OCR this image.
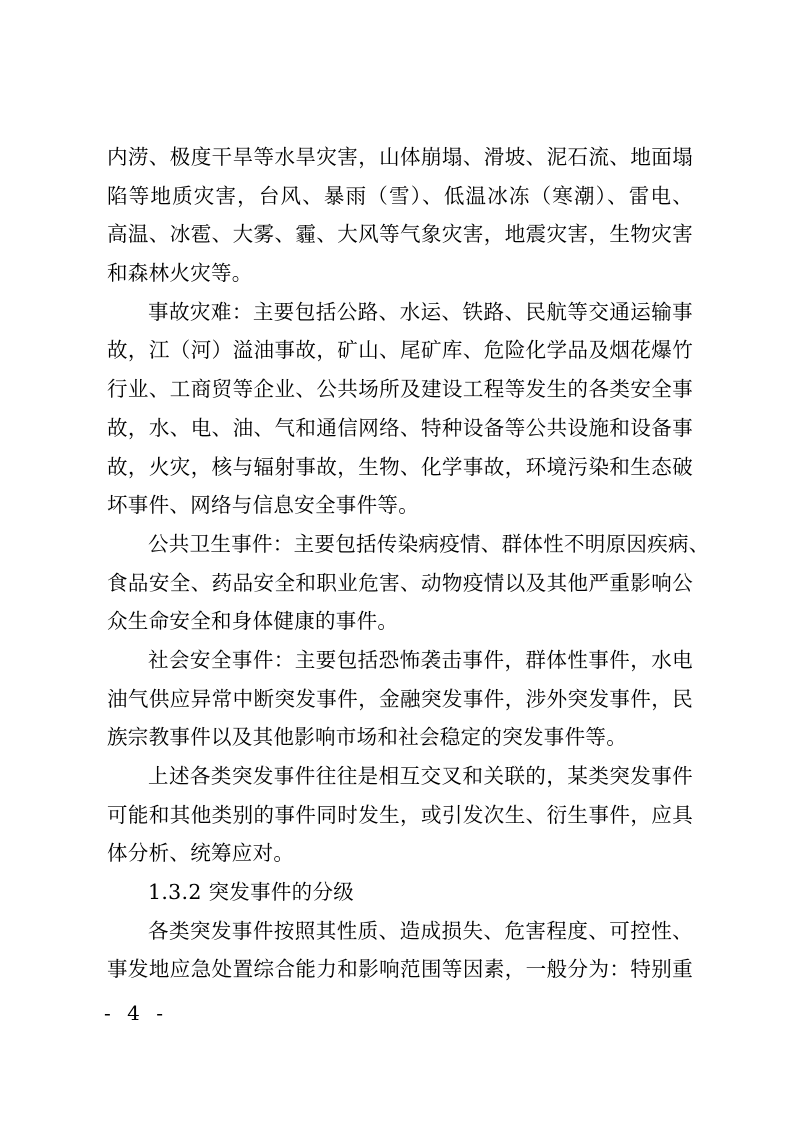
内涝、极度干旱等水旱灾害，山体崩塌、滑坡、泥石流、地面塌
陷等地质灾害，台风、暴雨（雪）、低温冰冻（寒潮）、雷电、
高温、冰雹、大雾、霾、大风等气象灾害，地震灾害，生物灾害
和森林火灾等。
事故灾难：主要包括公路、水运、铁路、民航等交通运输事
故，江（河）溢油事故，矿山、尾矿库、危险化学品及烟花爆竹
行业、工商贸等企业、公共场所及建设工程等发生的各类安全事
故，水、电、油、气和通信网络、特种设备等公共设施和设备事
故，火灾，核与辐射事故，生物、化学事故，环境污染和生态破
坏事件、网络与信息安全事件等。
公共卫生事件：主要包括传染病疫情、群体性不明原因疾病、
食品安全、药品安全和职业危害、动物疫情以及其他严重影响公
众生命安全和身体健康的事件。
社会安全事件：主要包括恐怖袭击事件，群体性事件，水电
油气供应异常中断突发事件，金融突发事件，涉外突发事件，民
族宗教事件以及其他影响市场和社会稳定的突发事件等。
上述各类突发事件往往是相互交叉和关联的，某类突发事件
可能和其他类别的事件同时发生，或引发次生、衍生事件，应具
体分析、统筹应对。
1.3.2 突发事件的分级
各类突发事件按照其性质、造成损失、危害程度、可控性、
事发地应急处置综合能力和影响范围等因素，一般分为：特别重
- 4 -
